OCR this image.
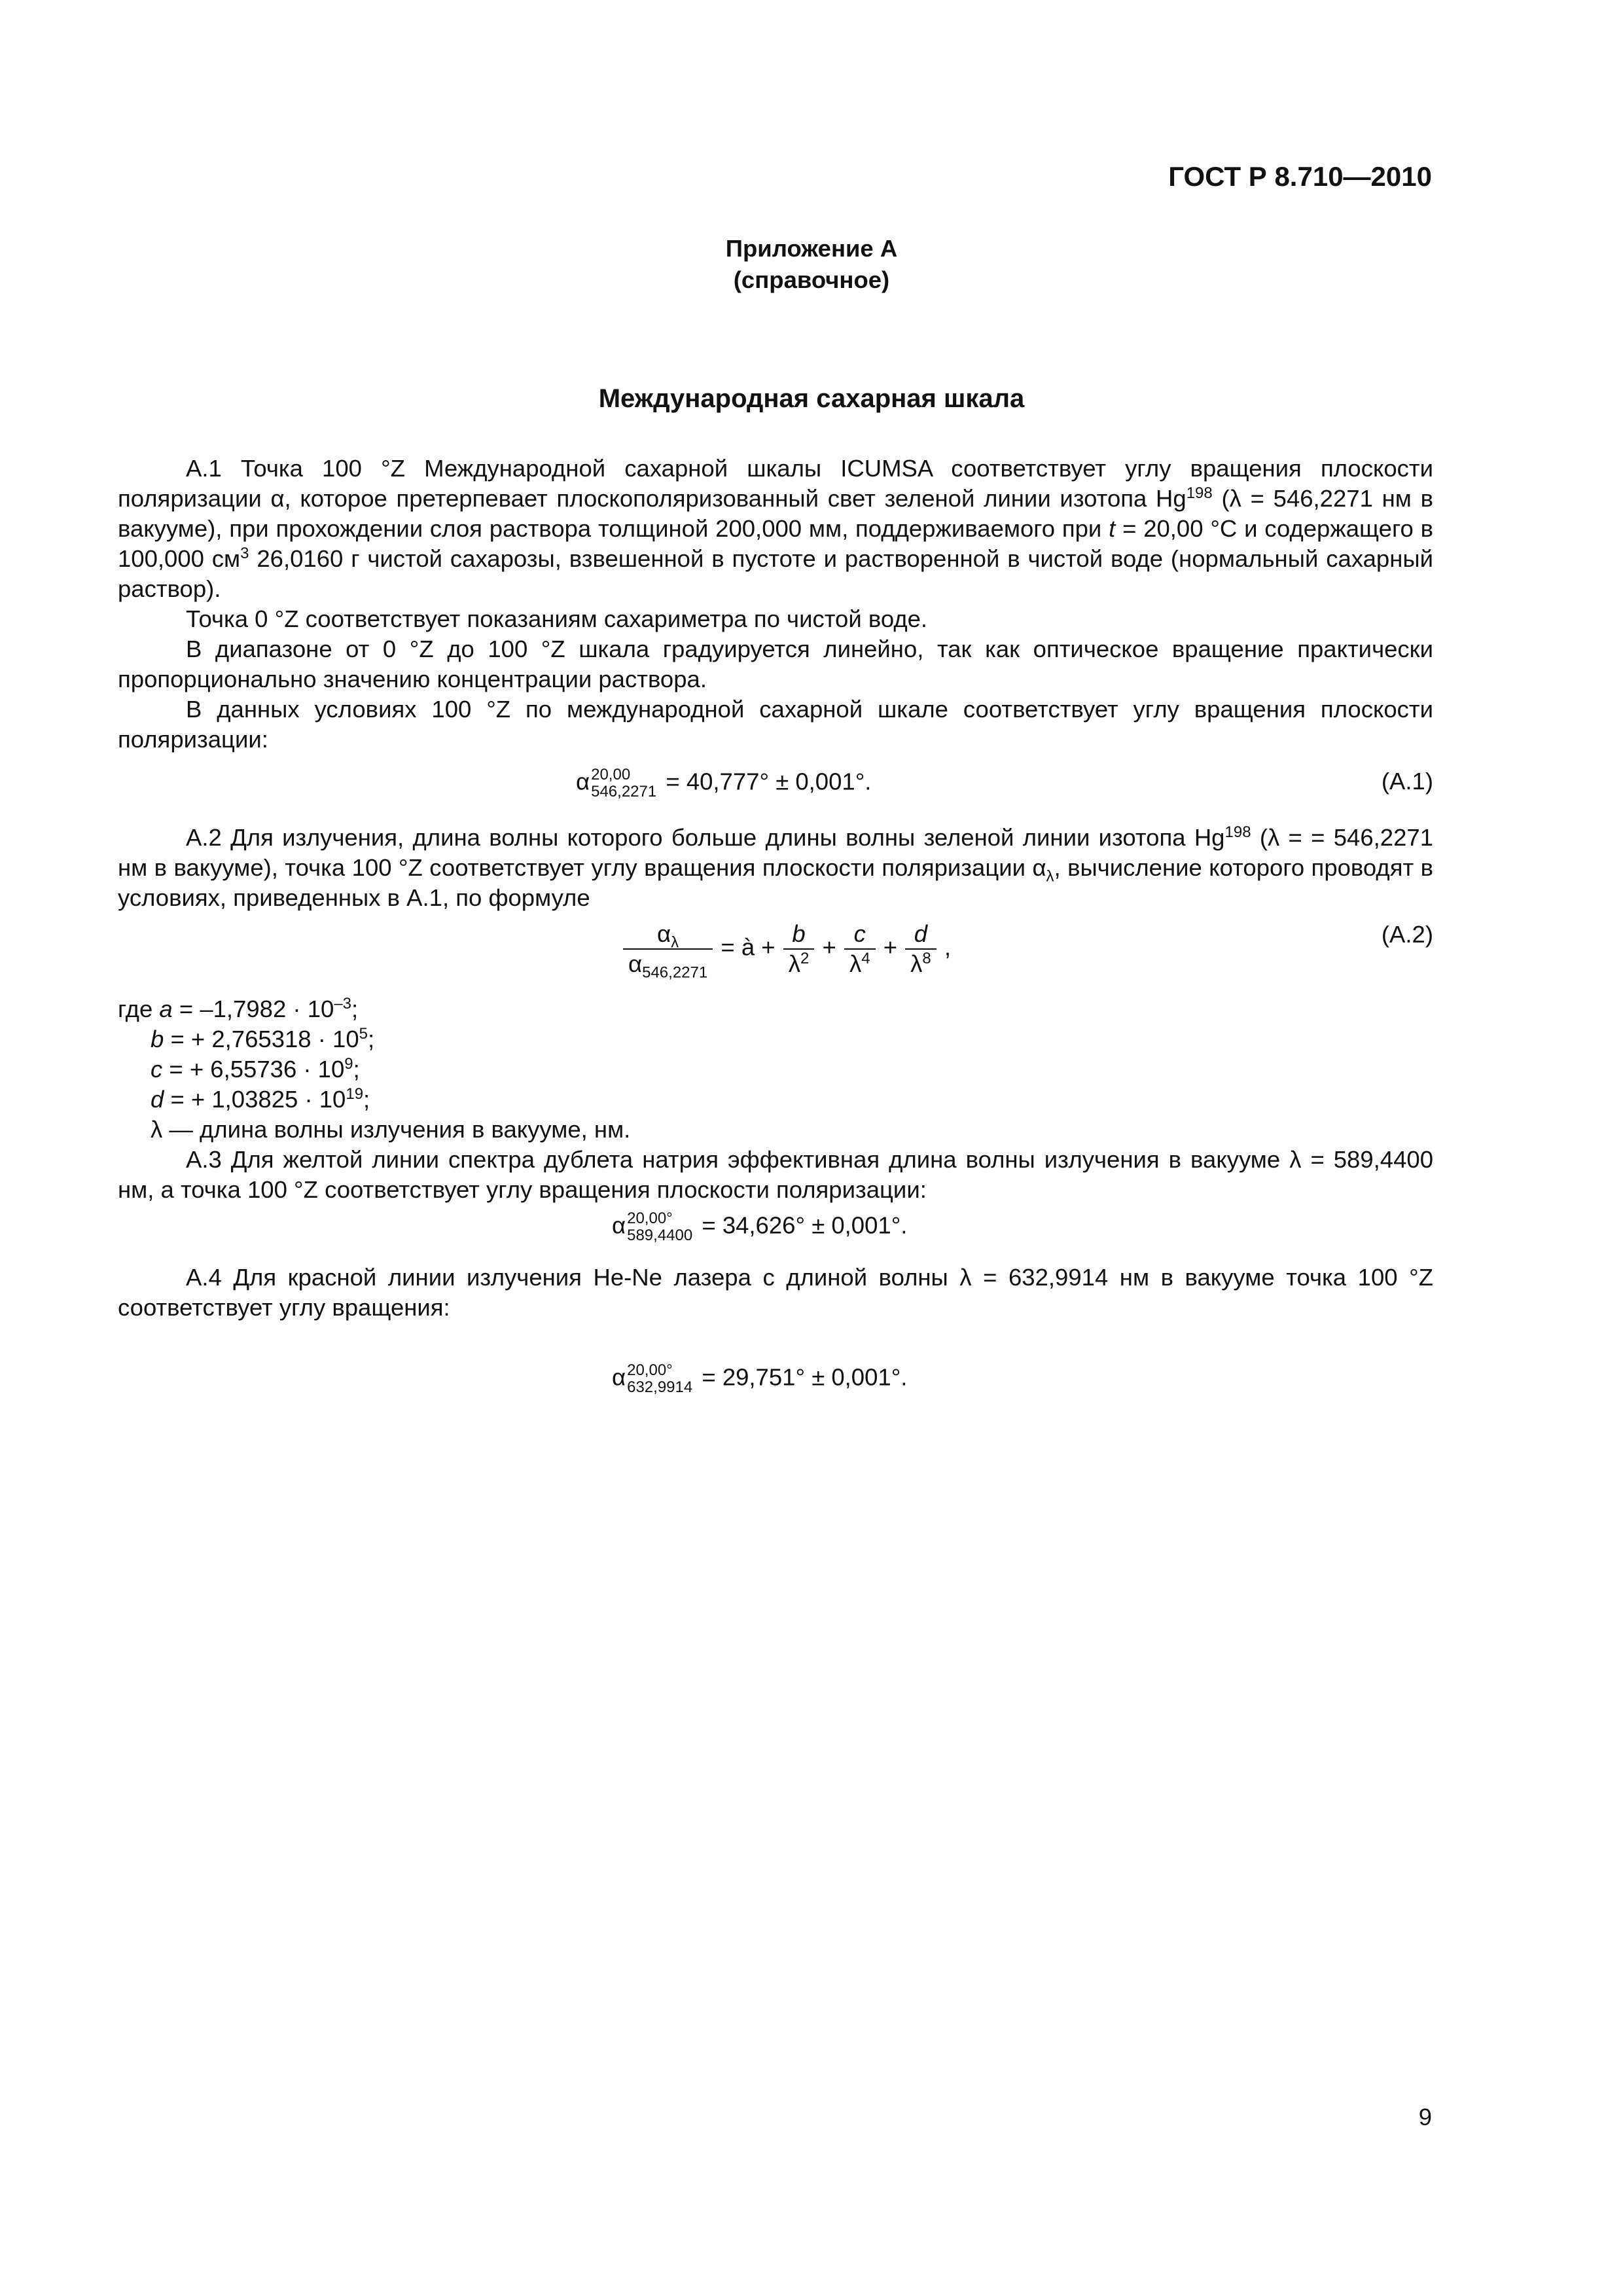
ГОСТ Р 8.710—2010
Приложение А
(справочное)
Международная сахарная шкала

А.1 Точка 100 °Z Международной сахарной шкалы ICUMSA соответствует углу вращения плоскости поляризации α, которое претерпевает плоскополяризованный свет зеленой линии изотопа Hg$^{198}$ (λ = 546,2271 нм в вакууме), при прохождении слоя раствора толщиной 200,000 мм, поддерживаемого при t = 20,00 °C и содержащего в 100,000 $см^3$ 26,0160 г чистой сахарозы, взвешенной в пустоте и растворенной в чистой воде (нормальный сахарный раствор).

Точка 0 °Z соответствует показаниям сахариметра по чистой воде.

В диапазоне от 0 °Z до 100 °Z шкала градуируется линейно, так как оптическое вращение практически пропорционально значению концентрации раствора.

В данных условиях 100 °Z по международной сахарной шкале соответствует углу вращения плоскости поляризации:

α 20,00
546,2271 = 40,777° ± 0,001°.	(А.1)

А.2 Для излучения, длина волны которого больше длины волны зеленой линии изотопа Hg$^{198}$ (λ = = 546,2271 нм в вакууме), точка 100 °Z соответствует углу вращения плоскости поляризации $\alpha_\lambda$, вычисление которого проводят в условиях, приведенных в А.1, по формуле

$\frac{\alpha_\lambda}{\alpha_{546,2271}}$ = à + $\frac{b}{\lambda^2} + \frac{c}{\lambda^4} + \frac{d}{\lambda^8}$ ,	(А.2)
где $a = -1,7982 \cdot 10^{-3}$;
b = + $2,765318 \cdot 10^5$;
c = + $6,55736 \cdot 10^9$;
d = + $1,03825 \cdot 10^{19}$;
λ — длина волны излучения в вакууме, нм.

А.3 Для желтой линии спектра дублета натрия эффективная длина волны излучения в вакууме λ = 589,4400 нм, а точка 100 °Z соответствует углу вращения плоскости поляризации:

α 20,00°
589,4400 = 34,626° ± 0,001°.

А.4 Для красной линии излучения He-Ne лазера с длиной волны λ = 632,9914 нм в вакууме точка 100 °Z соответствует углу вращения:

α 20,00°
632,9914 = 29,751° ± 0,001°.
9
